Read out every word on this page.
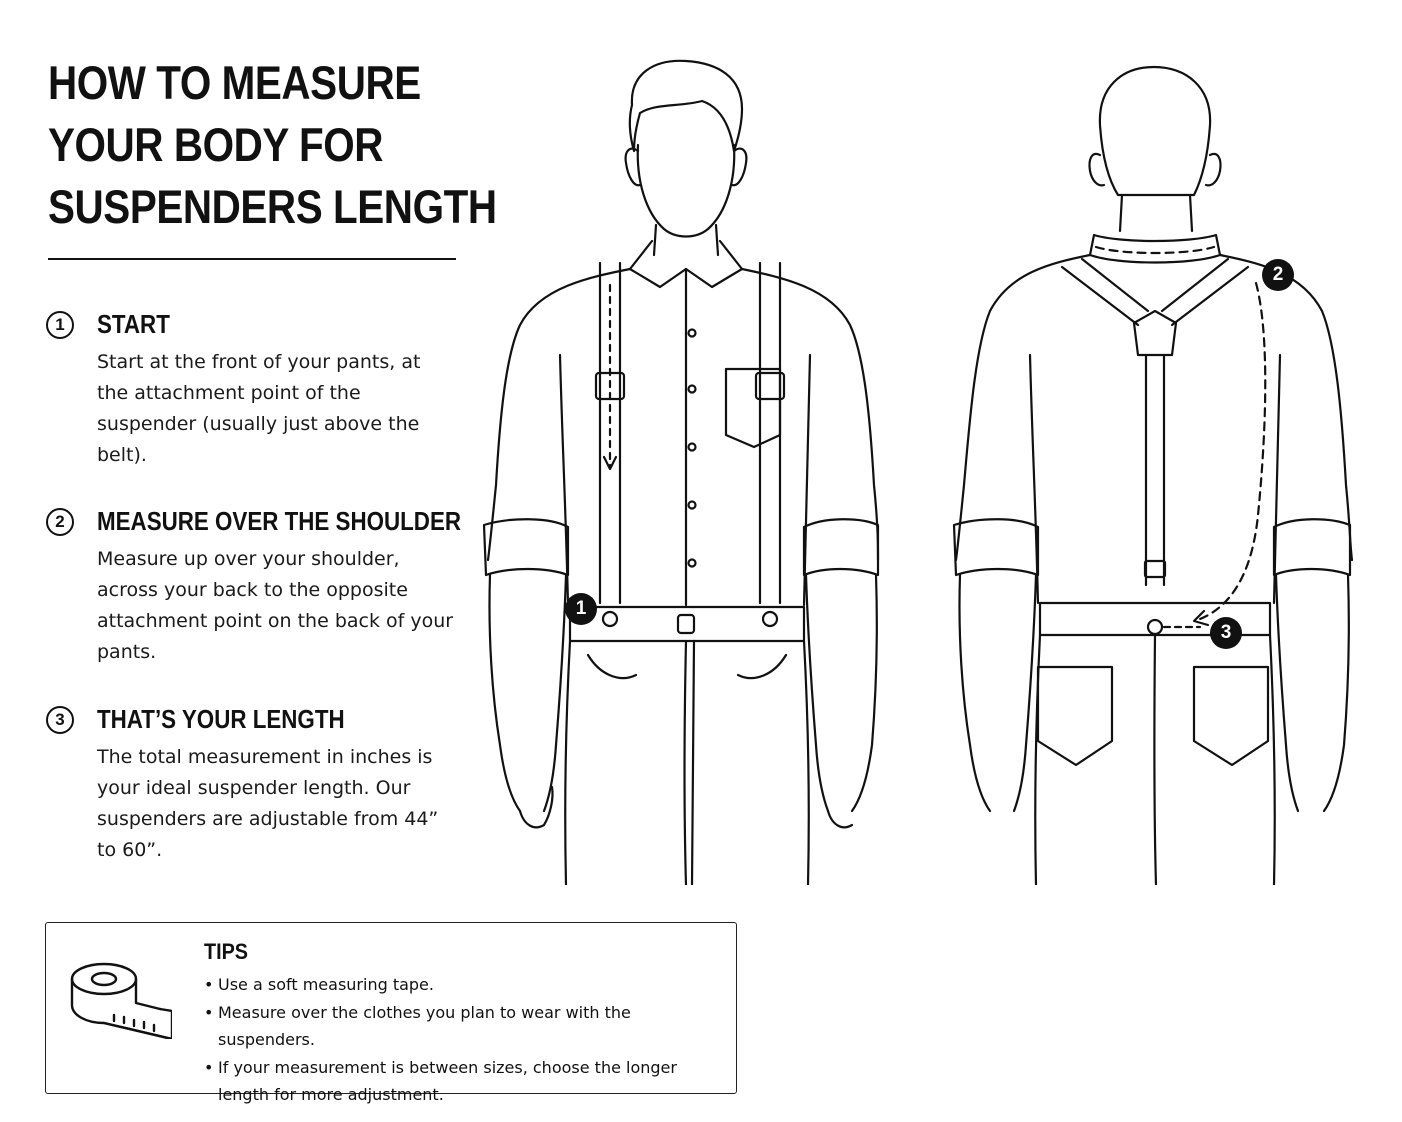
HOW TO MEASURE
YOUR BODY FOR
SUSPENDERS LENGTH
1	START

Start at the front of your pants, at the attachment point of the suspender (usually just above the belt).

2	MEASURE OVER THE SHOULDER

Measure up over your shoulder, across your back to the opposite attachment point on the back of your pants.

3	THAT’S YOUR LENGTH

The total measurement in inches is your ideal suspender length. Our suspenders are adjustable from 44” to 60”.

TIPS
• Use a soft measuring tape.
• Measure over the clothes you plan to wear with the suspenders.
• If your measurement is between sizes, choose the longer length for more adjustment.
1
2
3
